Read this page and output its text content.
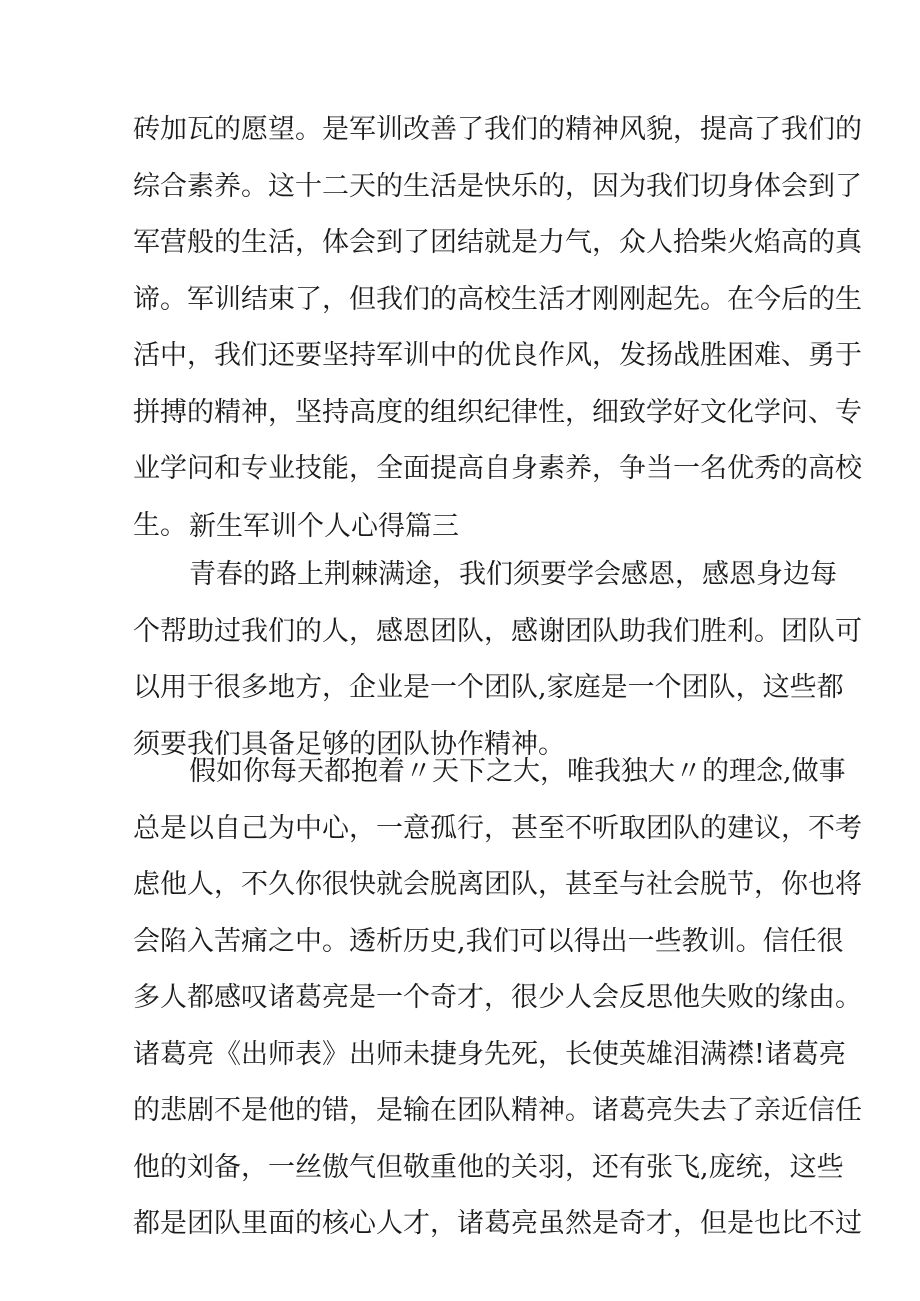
砖加瓦的愿望。是军训改善了我们的精神风貌，提高了我们的
综合素养。这十二天的生活是快乐的，因为我们切身体会到了
军营般的生活，体会到了团结就是力气，众人拾柴火焰高的真
谛。军训结束了，但我们的高校生活才刚刚起先。在今后的生
活中，我们还要坚持军训中的优良作风，发扬战胜困难、勇于
拼搏的精神，坚持高度的组织纪律性，细致学好文化学问、专
业学问和专业技能，全面提高自身素养，争当一名优秀的高校
生。 新生军训个人心得篇三
青春的路上荆棘满途，我们须要学会感恩，感恩身边每
个帮助过我们的人，感恩团队，感谢团队助我们胜利。团队可
以用于很多地方，企业是一个团队,家庭是一个团队，这些都
须要我们具备足够的团队协作精神。
假如你每天都抱着〃天下之大，唯我独大〃的理念,做事
总是以自己为中心，一意孤行，甚至不听取团队的建议，不考
虑他人，不久你很快就会脱离团队，甚至与社会脱节，你也将
会陷入苦痛之中。透析历史,我们可以得出一些教训。信任很
多人都感叹诸葛亮是一个奇才，很少人会反思他失败的缘由。
诸葛亮《出师表》出师未捷身先死，长使英雄泪满襟!诸葛亮
的悲剧不是他的错，是输在团队精神。诸葛亮失去了亲近信任
他的刘备，一丝傲气但敬重他的关羽，还有张飞,庞统，这些
都是团队里面的核心人才，诸葛亮虽然是奇才，但是也比不过
